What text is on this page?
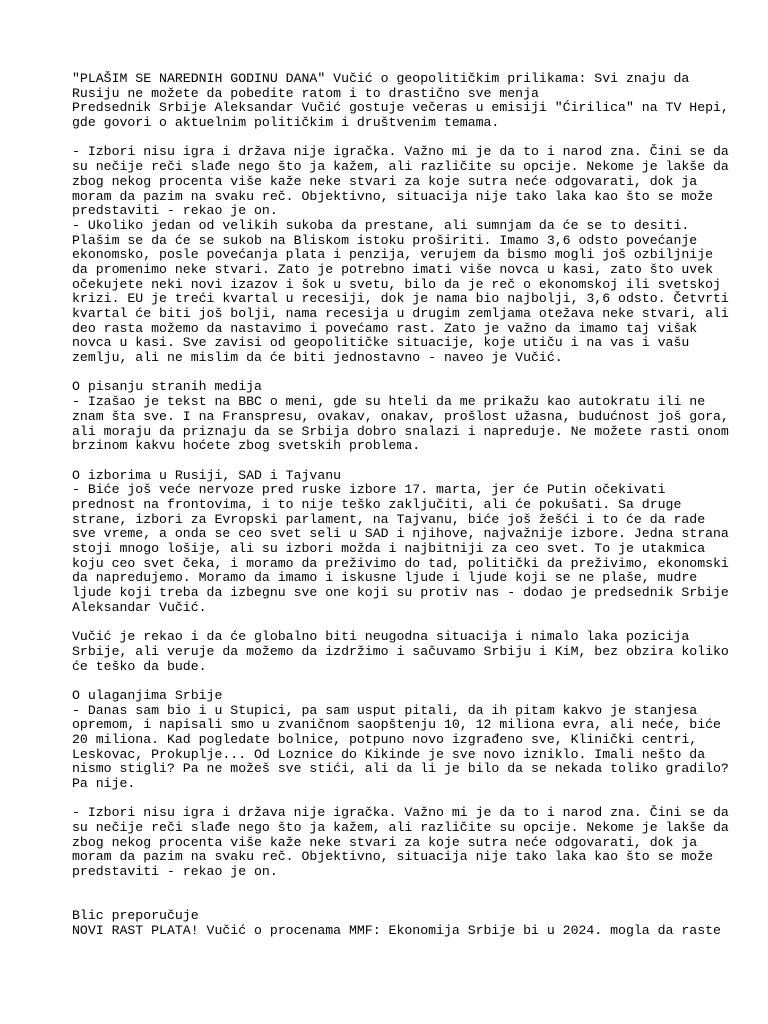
"PLAŠIM SE NAREDNIH GODINU DANA" Vučić o geopolitičkim prilikama: Svi znaju da
Rusiju ne možete da pobedite ratom i to drastično sve menja
Predsednik Srbije Aleksandar Vučić gostuje večeras u emisiji "Ćirilica" na TV Hepi,
gde govori o aktuelnim političkim i društvenim temama.
- Izbori nisu igra i država nije igračka. Važno mi je da to i narod zna. Čini se da
su nečije reči slađe nego što ja kažem, ali različite su opcije. Nekome je lakše da
zbog nekog procenta više kaže neke stvari za koje sutra neće odgovarati, dok ja
moram da pazim na svaku reč. Objektivno, situacija nije tako laka kao što se može
predstaviti - rekao je on.
- Ukoliko jedan od velikih sukoba da prestane, ali sumnjam da će se to desiti.
Plašim se da će se sukob na Bliskom istoku proširiti. Imamo 3,6 odsto povećanje
ekonomsko, posle povećanja plata i penzija, verujem da bismo mogli još ozbiljnije
da promenimo neke stvari. Zato je potrebno imati više novca u kasi, zato što uvek
očekujete neki novi izazov i šok u svetu, bilo da je reč o ekonomskoj ili svetskoj
krizi. EU je treći kvartal u recesiji, dok je nama bio najbolji, 3,6 odsto. Četvrti
kvartal će biti još bolji, nama recesija u drugim zemljama otežava neke stvari, ali
deo rasta možemo da nastavimo i povećamo rast. Zato je važno da imamo taj višak
novca u kasi. Sve zavisi od geopolitičke situacije, koje utiču i na vas i vašu
zemlju, ali ne mislim da će biti jednostavno - naveo je Vučić.
O pisanju stranih medija
- Izašao je tekst na BBC o meni, gde su hteli da me prikažu kao autokratu ili ne
znam šta sve. I na Franspresu, ovakav, onakav, prošlost užasna, budućnost još gora,
ali moraju da priznaju da se Srbija dobro snalazi i napreduje. Ne možete rasti onom
brzinom kakvu hoćete zbog svetskih problema.
O izborima u Rusiji, SAD i Tajvanu
- Biće još veće nervoze pred ruske izbore 17. marta, jer će Putin očekivati
prednost na frontovima, i to nije teško zaključiti, ali će pokušati. Sa druge
strane, izbori za Evropski parlament, na Tajvanu, biće još žešći i to će da rade
sve vreme, a onda se ceo svet seli u SAD i njihove, najvažnije izbore. Jedna strana
stoji mnogo lošije, ali su izbori možda i najbitniji za ceo svet. To je utakmica
koju ceo svet čeka, i moramo da preživimo do tad, politički da preživimo, ekonomski
da napredujemo. Moramo da imamo i iskusne ljude i ljude koji se ne plaše, mudre
ljude koji treba da izbegnu sve one koji su protiv nas - dodao je predsednik Srbije
Aleksandar Vučić.
Vučić je rekao i da će globalno biti neugodna situacija i nimalo laka pozicija
Srbije, ali veruje da možemo da izdržimo i sačuvamo Srbiju i KiM, bez obzira koliko
će teško da bude.
O ulaganjima Srbije
- Danas sam bio i u Stupici, pa sam usput pitali, da ih pitam kakvo je stanjesa
opremom, i napisali smo u zvaničnom saopštenju 10, 12 miliona evra, ali neće, biće
20 miliona. Kad pogledate bolnice, potpuno novo izgrađeno sve, Klinički centri,
Leskovac, Prokuplje... Od Loznice do Kikinde je sve novo izniklo. Imali nešto da
nismo stigli? Pa ne možeš sve stići, ali da li je bilo da se nekada toliko gradilo?
Pa nije.
- Izbori nisu igra i država nije igračka. Važno mi je da to i narod zna. Čini se da
su nečije reči slađe nego što ja kažem, ali različite su opcije. Nekome je lakše da
zbog nekog procenta više kaže neke stvari za koje sutra neće odgovarati, dok ja
moram da pazim na svaku reč. Objektivno, situacija nije tako laka kao što se može
predstaviti - rekao je on.
Blic preporučuje
NOVI RAST PLATA! Vučić o procenama MMF: Ekonomija Srbije bi u 2024. mogla da raste
